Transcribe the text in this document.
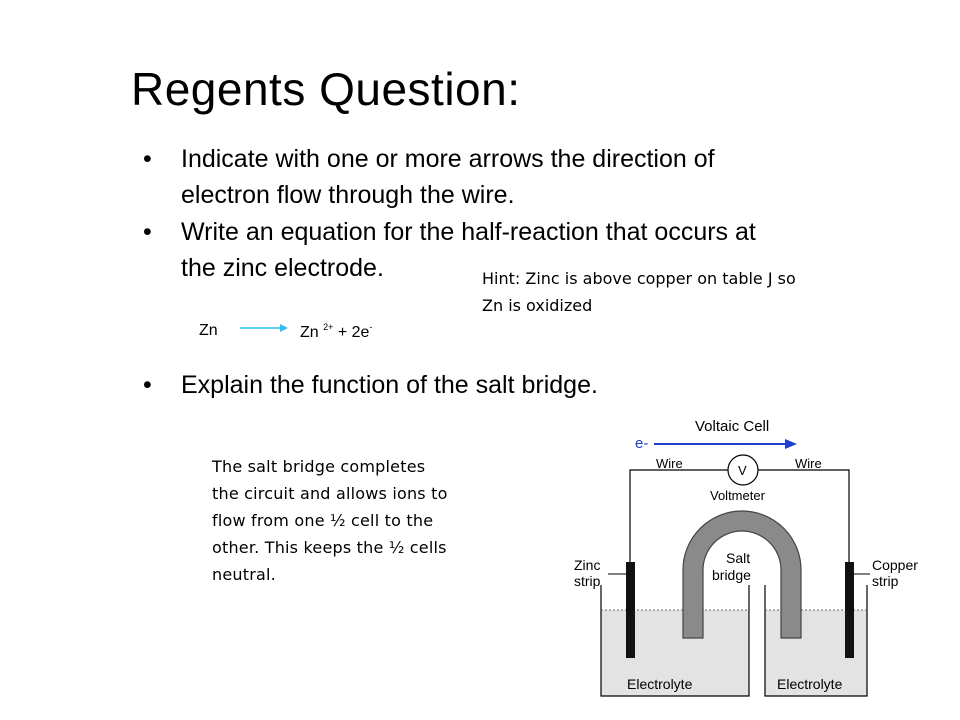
Regents Question:
•	Indicate with one or more arrows the direction of
electron flow through the wire.
•	Write an equation for the half-reaction that occurs at
the zinc electrode.	Hint: Zinc is above copper on table J so
Zn is oxidized
Zn → Zn $^{2+}$ + 2e-
•	Explain the function of the salt bridge.
The salt bridge completes
the circuit and allows ions to
flow from one ½ cell to the
other. This keeps the ½ cells
neutral.
Voltaic Cell
e-
Wire	Wire
V
Voltmeter
Salt
bridge
Zinc
strip
Copper
strip
Electrolyte	Electrolyte
